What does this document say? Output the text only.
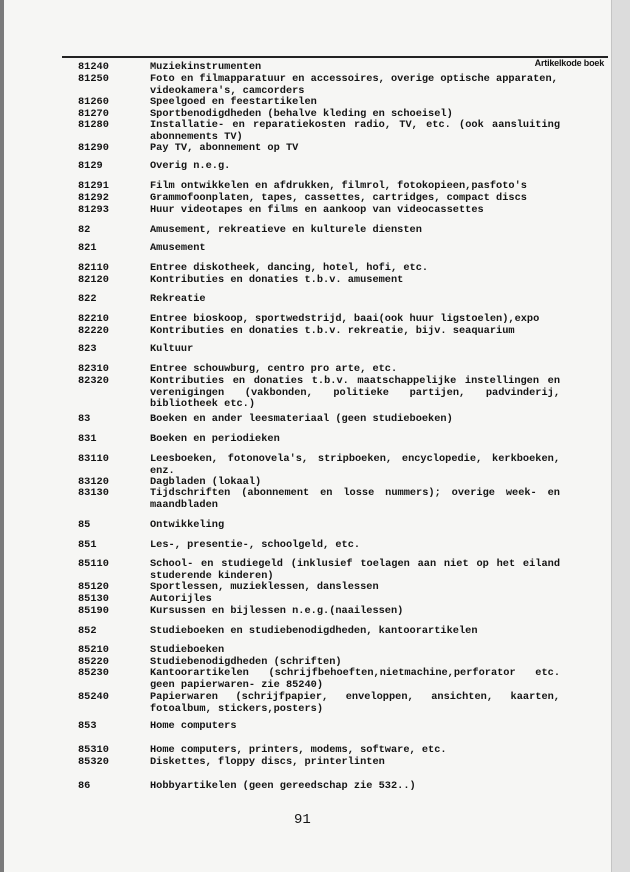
Artikelkode boek
81240	Muziekinstrumenten
81250	Foto en filmapparatuur en accessoires, overige optische apparaten,
videokamera's, camcorders
81260	Speelgoed en feestartikelen
81270	Sportbenodigdheden (behalve kleding en schoeisel)
81280	Installatie- en reparatiekosten radio, TV, etc. (ook aansluiting
abonnements TV)
81290	Pay TV, abonnement op TV
8129	Overig n.e.g.
81291	Film ontwikkelen en afdrukken, filmrol, fotokopieen,pasfoto's
81292	Grammofoonplaten, tapes, cassettes, cartridges, compact discs
81293	Huur videotapes en films en aankoop van videocassettes
82	Amusement, rekreatieve en kulturele diensten
821	Amusement
82110	Entree diskotheek, dancing, hotel, hofi, etc.
82120	Kontributies en donaties t.b.v. amusement
822	Rekreatie
82210	Entree bioskoop, sportwedstrijd, baai(ook huur ligstoelen),expo
82220	Kontributies en donaties t.b.v. rekreatie, bijv. seaquarium
823	Kultuur
82310	Entree schouwburg, centro pro arte, etc.
82320	Kontributies en donaties t.b.v. maatschappelijke instellingen en
verenigingen (vakbonden, politieke partijen, padvinderij,
bibliotheek etc.)
83	Boeken en ander leesmateriaal (geen studieboeken)
831	Boeken en periodieken
83110	Leesboeken, fotonovela's, stripboeken, encyclopedie, kerkboeken,
enz.
83120	Dagbladen (lokaal)
83130	Tijdschriften (abonnement en losse nummers); overige week- en
maandbladen
85	Ontwikkeling
851	Les-, presentie-, schoolgeld, etc.
85110	School- en studiegeld (inklusief toelagen aan niet op het eiland
studerende kinderen)
85120	Sportlessen, muzieklessen, danslessen
85130	Autorijles
85190	Kursussen en bijlessen n.e.g.(naailessen)
852	Studieboeken en studiebenodigdheden, kantoorartikelen
85210	Studieboeken
85220	Studiebenodigdheden (schriften)
85230	Kantoorartikelen (schrijfbehoeften,nietmachine,perforator etc.
geen papierwaren- zie 85240)
85240	Papierwaren (schrijfpapier, enveloppen, ansichten, kaarten,
fotoalbum, stickers,posters)
853	Home computers
85310	Home computers, printers, modems, software, etc.
85320	Diskettes, floppy discs, printerlinten
86	Hobbyartikelen (geen gereedschap zie 532..)
91
